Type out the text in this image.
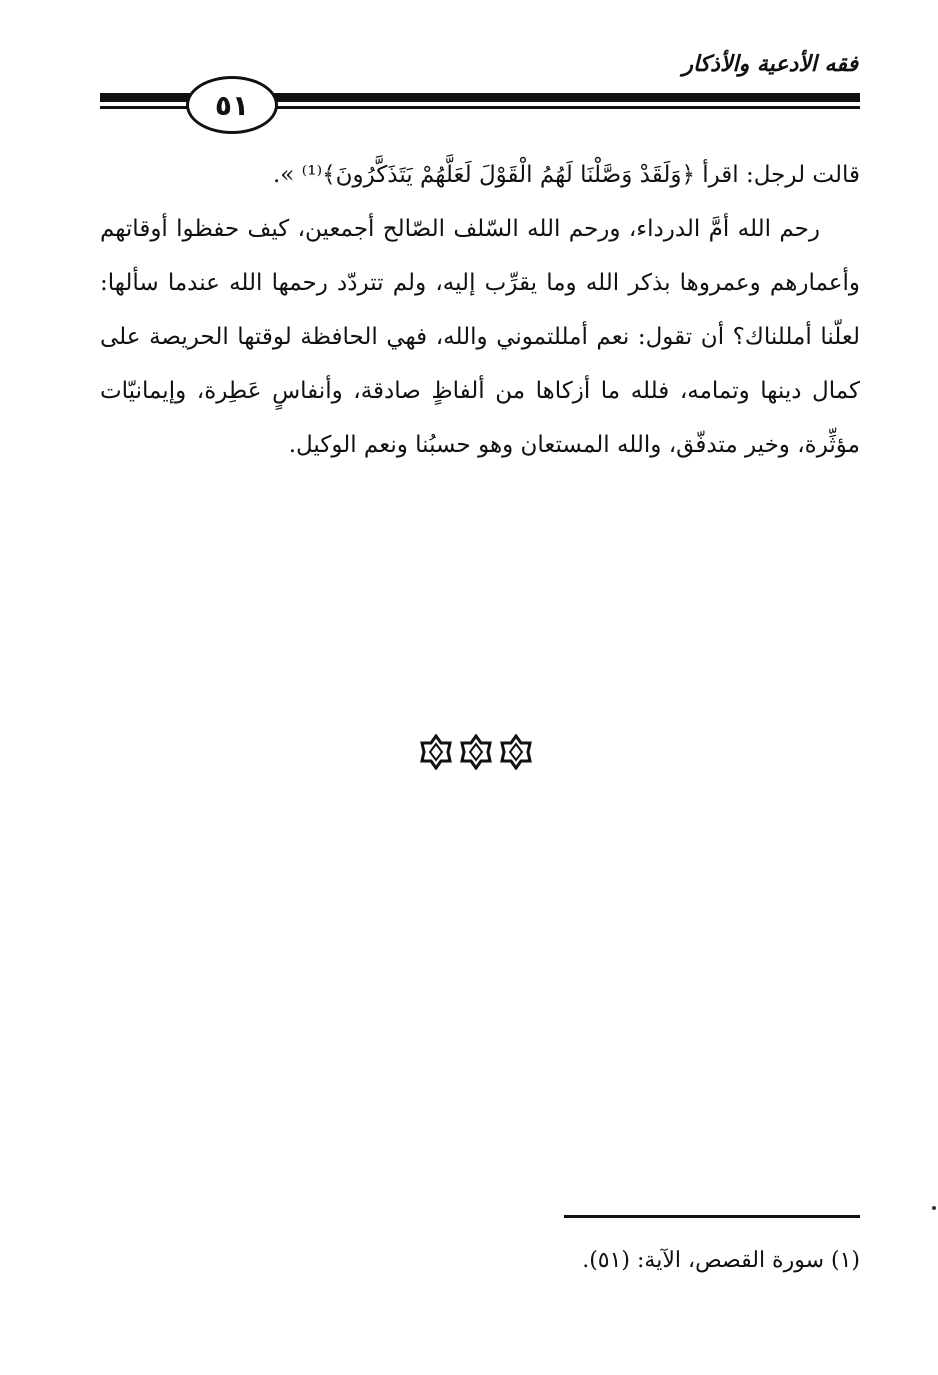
فقه الأدعية والأذكار
٥١

قالت لرجل: اقرأ ﴿وَلَقَدْ وَصَّلْنَا لَهُمُ الْقَوْلَ لَعَلَّهُمْ يَتَذَكَّرُونَ﴾⁽¹⁾ ».

رحم الله أمَّ الدرداء، ورحم الله السّلف الصّالح أجمعين، كيف حفظوا أوقاتهم وأعمارهم وعمروها بذكر الله وما يقرِّب إليه، ولم تتردّد رحمها الله عندما سألها: لعلّنا أمللناك؟ أن تقول: نعم أمللتموني والله، فهي الحافظة لوقتها الحريصة على كمال دينها وتمامه، فلله ما أزكاها من ألفاظٍ صادقة، وأنفاسٍ عَطِرة، وإيمانيّات مؤثِّرة، وخير متدفّق، والله المستعان وهو حسبُنا ونعم الوكيل.

(١) سورة القصص، الآية: (٥١).
